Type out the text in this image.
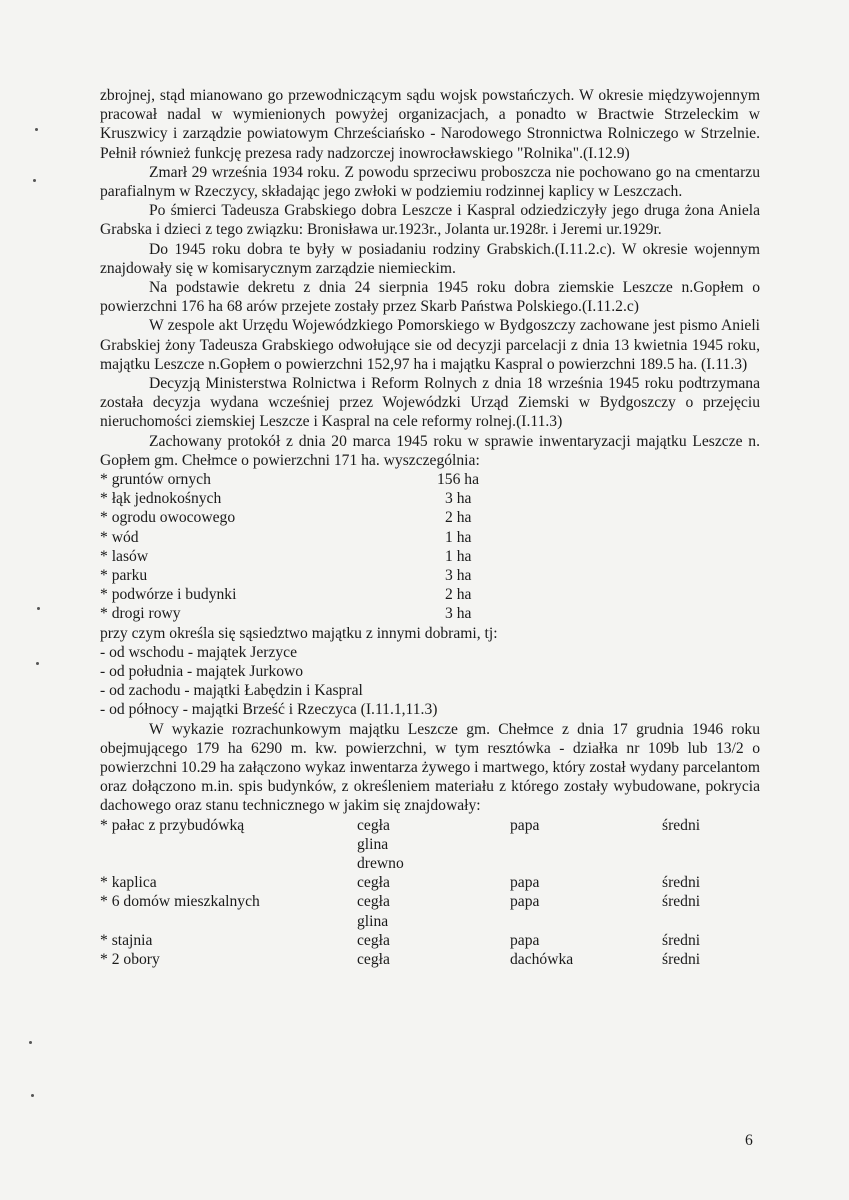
zbrojnej, stąd mianowano go przewodniczącym sądu wojsk powstańczych. W okresie międzywojennym pracował nadal w wymienionych powyżej organizacjach, a ponadto w Bractwie Strzeleckim w Kruszwicy i zarządzie powiatowym Chrześciańsko - Narodowego Stronnictwa Rolniczego w Strzelnie. Pełnił również funkcję prezesa rady nadzorczej inowrocławskiego "Rolnika".(I.12.9)

Zmarł 29 września 1934 roku. Z powodu sprzeciwu proboszcza nie pochowano go na cmentarzu parafialnym w Rzeczycy, składając jego zwłoki w podziemiu rodzinnej kaplicy w Leszczach.

Po śmierci Tadeusza Grabskiego dobra Leszcze i Kaspral odziedziczyły jego druga żona Aniela Grabska i dzieci z tego związku: Bronisława ur.1923r., Jolanta ur.1928r. i Jeremi ur.1929r.

Do 1945 roku dobra te były w posiadaniu rodziny Grabskich.(I.11.2.c). W okresie wojennym znajdowały się w komisarycznym zarządzie niemieckim.

Na podstawie dekretu z dnia 24 sierpnia 1945 roku dobra ziemskie Leszcze n.Gopłem o powierzchni 176 ha 68 arów przejete zostały przez Skarb Państwa Polskiego.(I.11.2.c)

W zespole akt Urzędu Wojewódzkiego Pomorskiego w Bydgoszczy zachowane jest pismo Anieli Grabskiej żony Tadeusza Grabskiego odwołujące sie od decyzji parcelacji z dnia 13 kwietnia 1945 roku, majątku Leszcze n.Gopłem o powierzchni 152,97 ha i majątku Kaspral o powierzchni 189.5 ha. (I.11.3)

Decyzją Ministerstwa Rolnictwa i Reform Rolnych z dnia 18 września 1945 roku podtrzymana została decyzja wydana wcześniej przez Wojewódzki Urząd Ziemski w Bydgoszczy o przejęciu nieruchomości ziemskiej Leszcze i Kaspral na cele reformy rolnej.(I.11.3)

Zachowany protokół z dnia 20 marca 1945 roku w sprawie inwentaryzacji majątku Leszcze n. Gopłem gm. Chełmce o powierzchni 171 ha. wyszczególnia:

* gruntów ornych	156 ha
* łąk jednokośnych	3 ha
* ogrodu owocowego	2 ha
* wód	1 ha
* lasów	1 ha
* parku	3 ha
* podwórze i budynki	2 ha
* drogi rowy	3 ha

przy czym określa się sąsiedztwo majątku z innymi dobrami, tj:

- od wschodu - majątek Jerzyce

- od południa - majątek Jurkowo

- od zachodu - majątki Łabędzin i Kaspral

- od północy - majątki Brześć i Rzeczyca (I.11.1,11.3)

W wykazie rozrachunkowym majątku Leszcze gm. Chełmce z dnia 17 grudnia 1946 roku obejmującego 179 ha 6290 m. kw. powierzchni, w tym resztówka - działka nr 109b lub 13/2 o powierzchni 10.29 ha załączono wykaz inwentarza żywego i martwego, który został wydany parcelantom oraz dołączono m.in. spis budynków, z określeniem materiału z którego zostały wybudowane, pokrycia dachowego oraz stanu technicznego w jakim się znajdowały:

* pałac z przybudówką	cegła	papa	średni
	glina		
	drewno		
* kaplica	cegła	papa	średni
* 6 domów mieszkalnych	cegła	papa	średni
	glina		
* stajnia	cegła	papa	średni
* 2 obory	cegła	dachówka	średni
6
